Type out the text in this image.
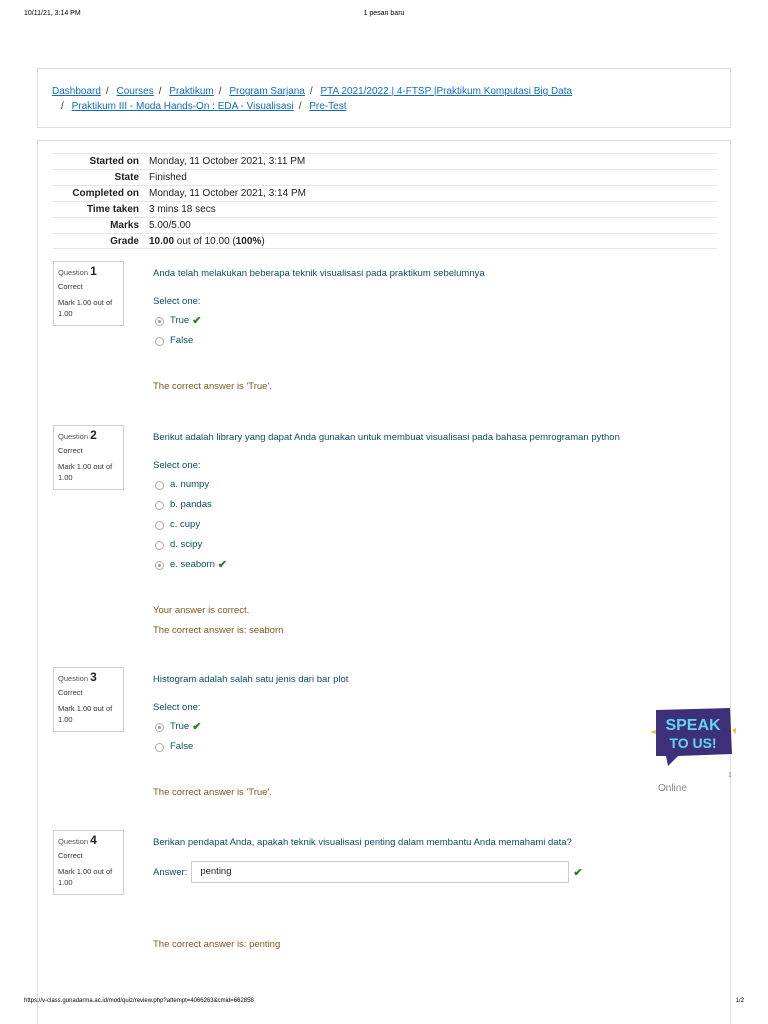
10/11/21, 3:14 PM	1 pesan baru
Dashboard / Courses / Praktikum / Program Sarjana / PTA 2021/2022 | 4-FTSP |Praktikum Komputasi Big Data
/ Praktikum III - Moda Hands-On : EDA - Visualisasi / Pre-Test
Started on	Monday, 11 October 2021, 3:11 PM
State	Finished
Completed on	Monday, 11 October 2021, 3:14 PM
Time taken	3 mins 18 secs
Marks	5.00/5.00
Grade	10.00 out of 10.00 (100%)
Question 1
Correct
Mark 1.00 out of 1.00
Anda telah melakukan beberapa teknik visualisasi pada praktikum sebelumnya
Select one:
True ✔
False
The correct answer is 'True'.
Question 2
Correct
Mark 1.00 out of 1.00
Berikut adalah library yang dapat Anda gunakan untuk membuat visualisasi pada bahasa pemrograman python
Select one:
a. numpy
b. pandas
c. cupy
d. scipy
e. seaborn ✔
Your answer is correct.
The correct answer is: seaborn
Question 3
Correct
Mark 1.00 out of 1.00
Histogram adalah salah satu jenis dari bar plot
Select one:
True ✔
False
The correct answer is 'True'.
Question 4
Correct
Mark 1.00 out of 1.00
Berikan pendapat Anda, apakah teknik visualisasi penting dalam membantu Anda memahami data?
Answer:	penting	✔
The correct answer is: penting
SPEAK
TO US!
1
Online
https://v-class.gunadarma.ac.id/mod/quiz/review.php?attempt=4066263&cmid=662858	1/2
